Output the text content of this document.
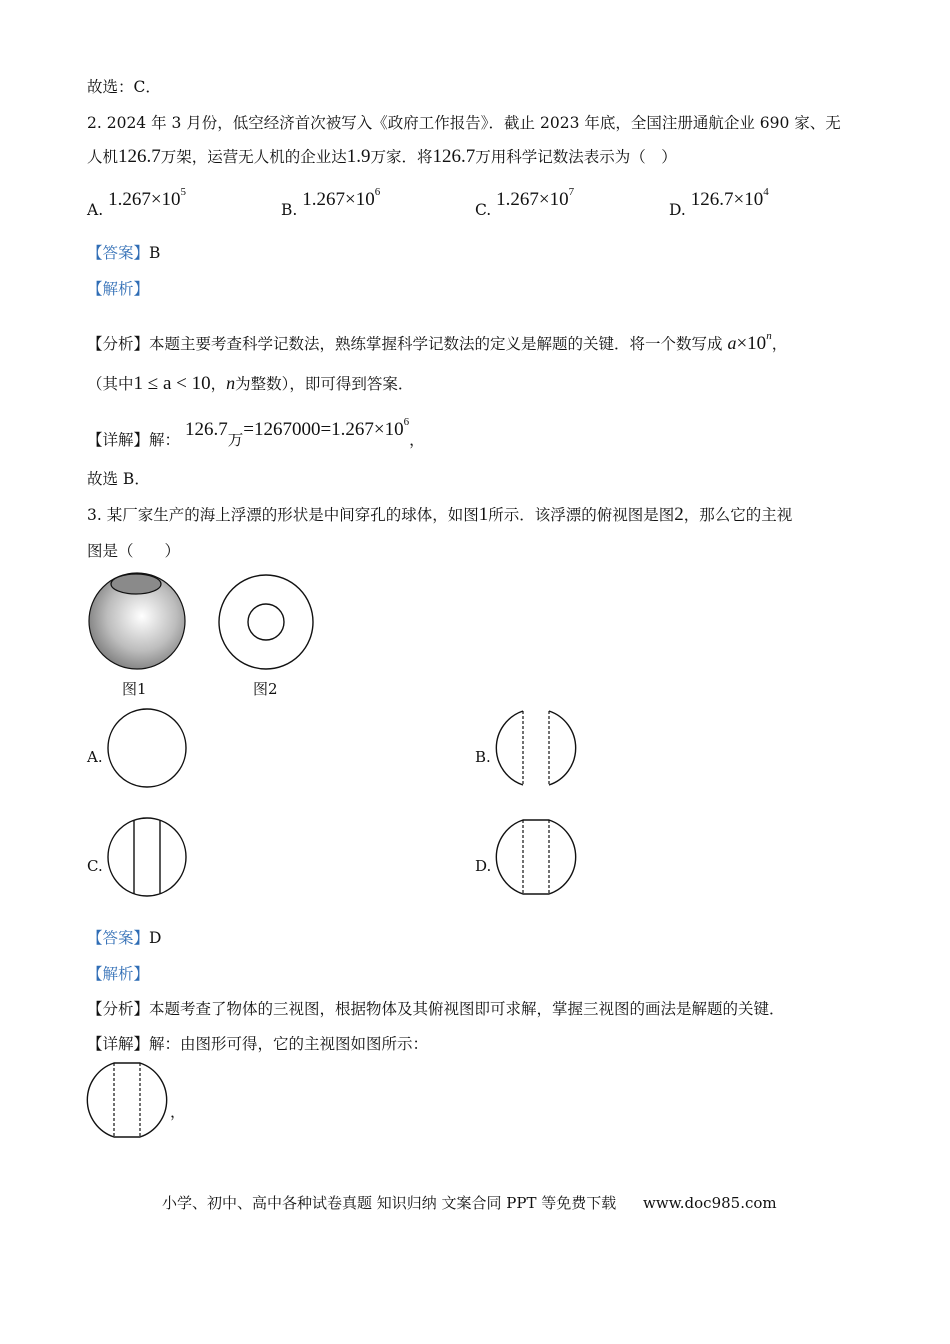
故选：C．
2. 2024 年 3 月份，低空经济首次被写入《政府工作报告》．截止 2023 年底，全国注册通航企业 690 家、无
人机126.7万架，运营无人机的企业达1.9万家．将126.7万用科学记数法表示为（　）
A. $1.267\times 10^5$
B. $1.267\times 10^6$
C. $1.267\times 10^7$
D. $126.7\times 10^4$
【答案】B
【解析】
【分析】本题主要考查科学记数法，熟练掌握科学记数法的定义是解题的关键．将一个数写成 $a\times 10^n$，
（其中1 ≤ a < 10，n为整数），即可得到答案．
【详解】解： 126.7万$=1267000=1.267\times 10^6$，
故选 B．
3. 某厂家生产的海上浮漂的形状是中间穿孔的球体，如图1所示．该浮漂的俯视图是图2，那么它的主视
图是（　　）
图1	图2
A.	B.
C.	D.
【答案】D
【解析】
【分析】本题考查了物体的三视图，根据物体及其俯视图即可求解，掌握三视图的画法是解题的关键．
【详解】解：由图形可得，它的主视图如图所示：
，
小学、初中、高中各种试卷真题 知识归纳 文案合同 PPT 等免费下载 www.doc985.com
